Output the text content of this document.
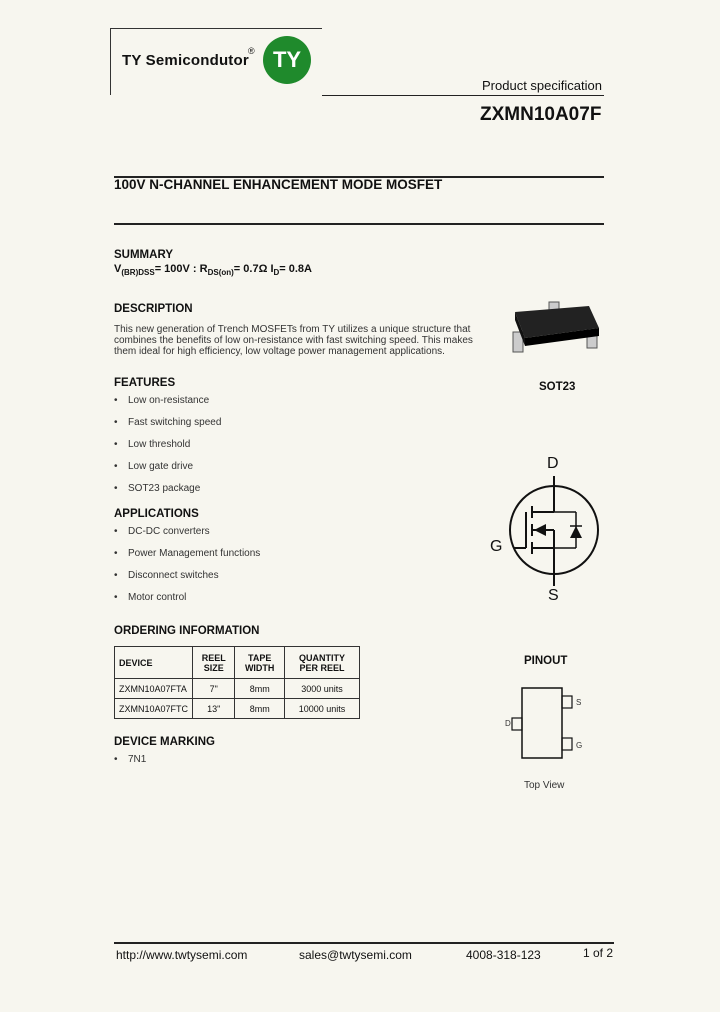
TY Semicondutor
® TY
Product specification
ZXMN10A07F
100V N-CHANNEL ENHANCEMENT MODE MOSFET
SUMMARY
$V_{(BR)DSS}= 100V$ : $R_{DS(on)}= 0.7\Omega$ $I_D= 0.8A$
DESCRIPTION
This new generation of Trench MOSFETs from TY utilizes a unique structure that combines the benefits of low on-resistance with fast switching speed. This makes them ideal for high efficiency, low voltage power management applications.
SOT23
FEATURES
• Low on-resistance
• Fast switching speed
• Low threshold
• Low gate drive
• SOT23 package
APPLICATIONS
• DC-DC converters
• Power Management functions
• Disconnect switches
• Motor control
D
G
S
ORDERING INFORMATION
DEVICE	REEL SIZE	TAPE WIDTH	QUANTITY PER REEL
ZXMN10A07FTA	7"	8mm	3000 units
ZXMN10A07FTC	13"	8mm	10000 units
PINOUT
S
D
G
Top View
DEVICE MARKING
• 7N1
http://www.twtysemi.com	sales@twtysemi.com	4008-318-123	1 of 2
